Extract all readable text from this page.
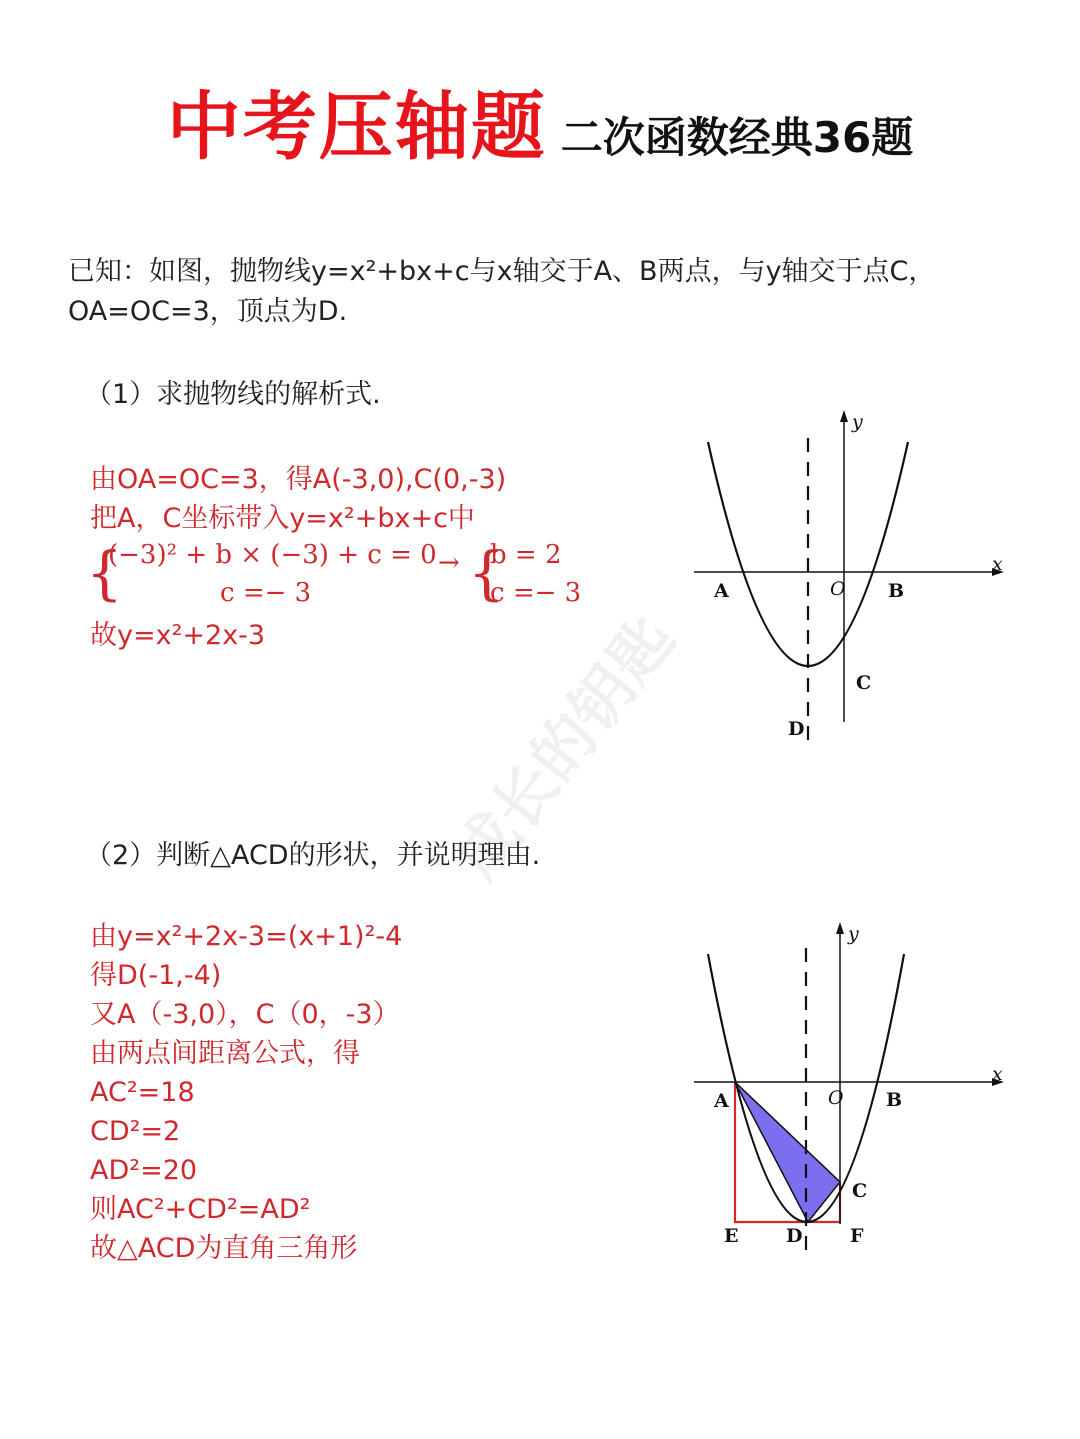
中考压轴题 二次函数经典36题
已知：如图，抛物线y=x²+bx+c与x轴交于A、B两点，与y轴交于点C，
OA=OC=3，顶点为D.
（1）求抛物线的解析式.
由OA=OC=3，得A(-3,0),C(0,-3)
把A，C坐标带入y=x²+bx+c中
{
(−3)² + b × (−3) + c = 0
c =− 3
→ {
b = 2
c =− 3
故y=x²+2x-3
y
x
A	O B
C
D
成长的钥匙
（2）判断△ACD的形状，并说明理由.
由y=x²+2x-3=(x+1)²-4
得D(-1,-4)
又A（-3,0），C（0，-3）
由两点间距离公式，得
AC²=18
CD²=2
AD²=20
则AC²+CD²=AD²
故△ACD为直角三角形
y
x
A	O B
C
D
E	F
